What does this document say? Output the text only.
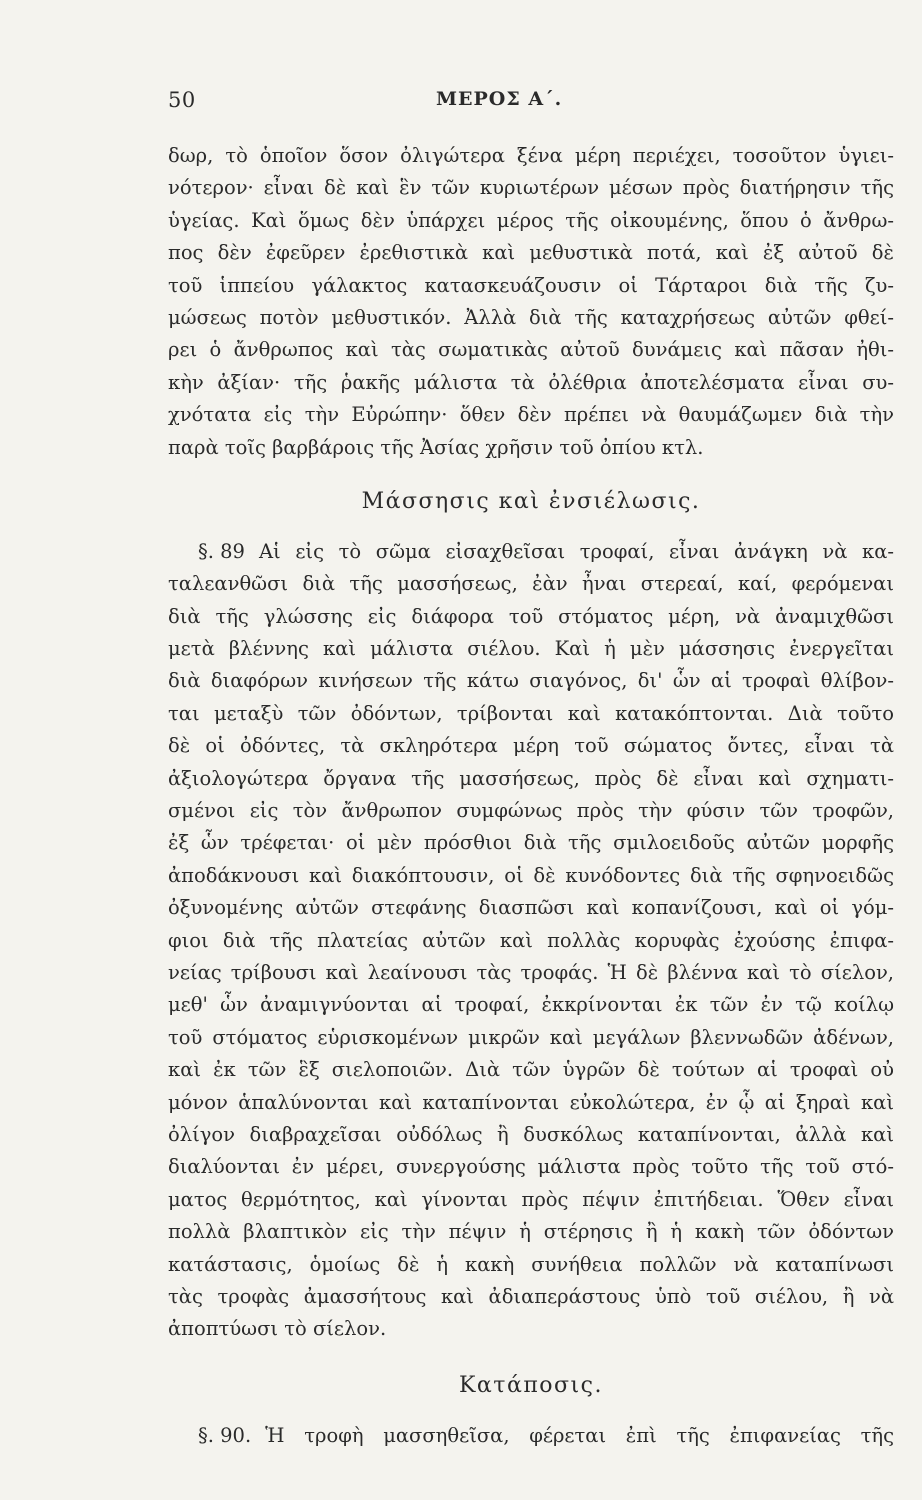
50	ΜΕΡΟΣ Α΄.
δωρ, τὸ ὁποῖον ὅσον ὀλιγώτερα ξένα μέρη περιέχει, τοσοῦτον ὑγιει-
νότερον· εἶναι δὲ καὶ ἓν τῶν κυριωτέρων μέσων πρὸς διατήρησιν τῆς
ὑγείας. Καὶ ὅμως δὲν ὑπάρχει μέρος τῆς οἰκουμένης, ὅπου ὁ ἄνθρω-
πος δὲν ἐφεῦρεν ἐρεθιστικὰ καὶ μεθυστικὰ ποτά, καὶ ἐξ αὐτοῦ δὲ
τοῦ ἱππείου γάλακτος κατασκευάζουσιν οἱ Τάρταροι διὰ τῆς ζυ-
μώσεως ποτὸν μεθυστικόν. Ἀλλὰ διὰ τῆς καταχρήσεως αὐτῶν φθεί-
ρει ὁ ἄνθρωπος καὶ τὰς σωματικὰς αὐτοῦ δυνάμεις καὶ πᾶσαν ἠθι-
κὴν ἀξίαν· τῆς ῥακῆς μάλιστα τὰ ὀλέθρια ἀποτελέσματα εἶναι συ-
χνότατα εἰς τὴν Εὐρώπην· ὅθεν δὲν πρέπει νὰ θαυμάζωμεν διὰ τὴν
παρὰ τοῖς βαρβάροις τῆς Ἀσίας χρῆσιν τοῦ ὀπίου κτλ.
Μάσσησις καὶ ἐνσιέλωσις.
§. 89 Αἱ εἰς τὸ σῶμα εἰσαχθεῖσαι τροφαί, εἶναι ἀνάγκη νὰ κα-
ταλεανθῶσι διὰ τῆς μασσήσεως, ἐὰν ἦναι στερεαί, καί, φερόμεναι
διὰ τῆς γλώσσης εἰς διάφορα τοῦ στόματος μέρη, νὰ ἀναμιχθῶσι
μετὰ βλέννης καὶ μάλιστα σιέλου. Καὶ ἡ μὲν μάσσησις ἐνεργεῖται
διὰ διαφόρων κινήσεων τῆς κάτω σιαγόνος, δι' ὧν αἱ τροφαὶ θλίβον-
ται μεταξὺ τῶν ὀδόντων, τρίβονται καὶ κατακόπτονται. Διὰ τοῦτο
δὲ οἱ ὀδόντες, τὰ σκληρότερα μέρη τοῦ σώματος ὄντες, εἶναι τὰ
ἀξιολογώτερα ὄργανα τῆς μασσήσεως, πρὸς δὲ εἶναι καὶ σχηματι-
σμένοι εἰς τὸν ἄνθρωπον συμφώνως πρὸς τὴν φύσιν τῶν τροφῶν,
ἐξ ὧν τρέφεται· οἱ μὲν πρόσθιοι διὰ τῆς σμιλοειδοῦς αὐτῶν μορφῆς
ἀποδάκνουσι καὶ διακόπτουσιν, οἱ δὲ κυνόδοντες διὰ τῆς σφηνοειδῶς
ὀξυνομένης αὐτῶν στεφάνης διασπῶσι καὶ κοπανίζουσι, καὶ οἱ γόμ-
φιοι διὰ τῆς πλατείας αὐτῶν καὶ πολλὰς κορυφὰς ἐχούσης ἐπιφα-
νείας τρίβουσι καὶ λεαίνουσι τὰς τροφάς. Ἡ δὲ βλέννα καὶ τὸ σίελον,
μεθ' ὧν ἀναμιγνύονται αἱ τροφαί, ἐκκρίνονται ἐκ τῶν ἐν τῷ κοίλῳ
τοῦ στόματος εὑρισκομένων μικρῶν καὶ μεγάλων βλεννωδῶν ἀδένων,
καὶ ἐκ τῶν ἓξ σιελοποιῶν. Διὰ τῶν ὑγρῶν δὲ τούτων αἱ τροφαὶ οὐ
μόνον ἁπαλύνονται καὶ καταπίνονται εὐκολώτερα, ἐν ᾧ αἱ ξηραὶ καὶ
ὀλίγον διαβραχεῖσαι οὐδόλως ἢ δυσκόλως καταπίνονται, ἀλλὰ καὶ
διαλύονται ἐν μέρει, συνεργούσης μάλιστα πρὸς τοῦτο τῆς τοῦ στό-
ματος θερμότητος, καὶ γίνονται πρὸς πέψιν ἐπιτήδειαι. Ὅθεν εἶναι
πολλὰ βλαπτικὸν εἰς τὴν πέψιν ἡ στέρησις ἢ ἡ κακὴ τῶν ὀδόντων
κατάστασις, ὁμοίως δὲ ἡ κακὴ συνήθεια πολλῶν νὰ καταπίνωσι
τὰς τροφὰς ἀμασσήτους καὶ ἀδιαπεράστους ὑπὸ τοῦ σιέλου, ἢ νὰ
ἀποπτύωσι τὸ σίελον.
Κατάποσις.
§. 90. Ἡ τροφὴ μασσηθεῖσα, φέρεται ἐπὶ τῆς ἐπιφανείας τῆς
